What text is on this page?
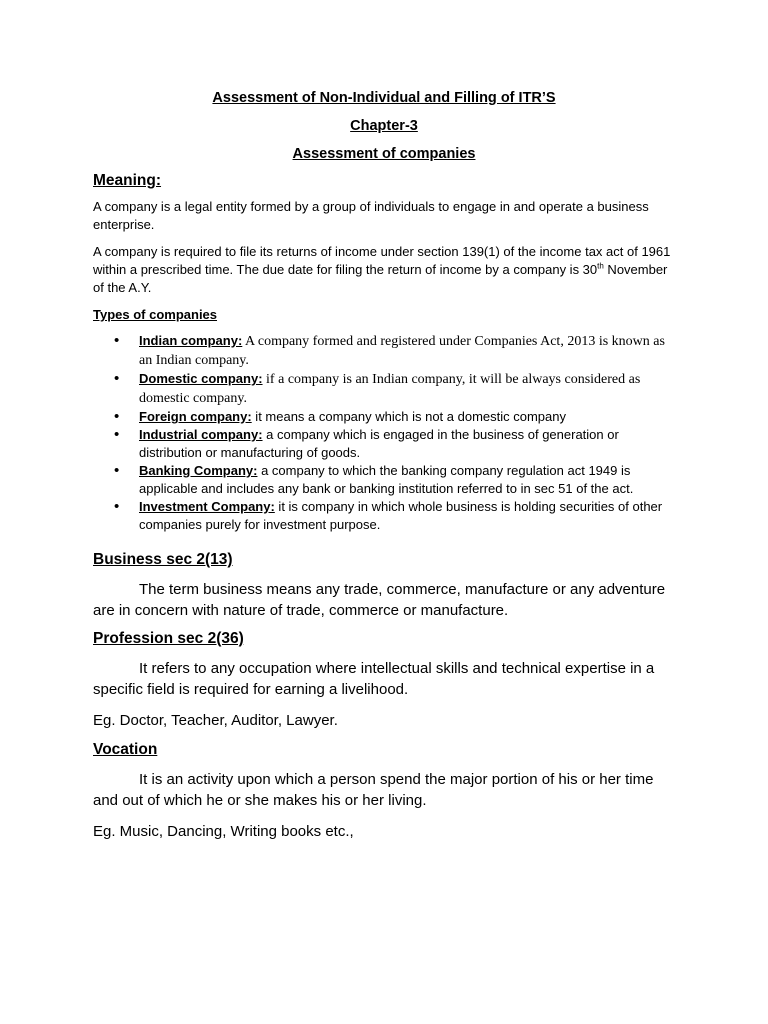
Assessment of Non-Individual and Filling of ITR’S

Chapter-3

Assessment of companies

Meaning:

A company is a legal entity formed by a group of individuals to engage in and operate a business enterprise.

A company is required to file its returns of income under section 139(1) of the income tax act of 1961 within a prescribed time. The due date for filing the return of income by a company is 30th November of the A.Y.

Types of companies

• Indian company: A company formed and registered under Companies Act, 2013 is known as an Indian company.
• Domestic company: if a company is an Indian company, it will be always considered as domestic company.
• Foreign company: it means a company which is not a domestic company
• Industrial company: a company which is engaged in the business of generation or distribution or manufacturing of goods.
• Banking Company: a company to which the banking company regulation act 1949 is applicable and includes any bank or banking institution referred to in sec 51 of the act.
• Investment Company: it is company in which whole business is holding securities of other companies purely for investment purpose.

Business sec 2(13)

The term business means any trade, commerce, manufacture or any adventure are in concern with nature of trade, commerce or manufacture.

Profession sec 2(36)

It refers to any occupation where intellectual skills and technical expertise in a specific field is required for earning a livelihood.

Eg. Doctor, Teacher, Auditor, Lawyer.

Vocation

It is an activity upon which a person spend the major portion of his or her time and out of which he or she makes his or her living.

Eg. Music, Dancing, Writing books etc.,
